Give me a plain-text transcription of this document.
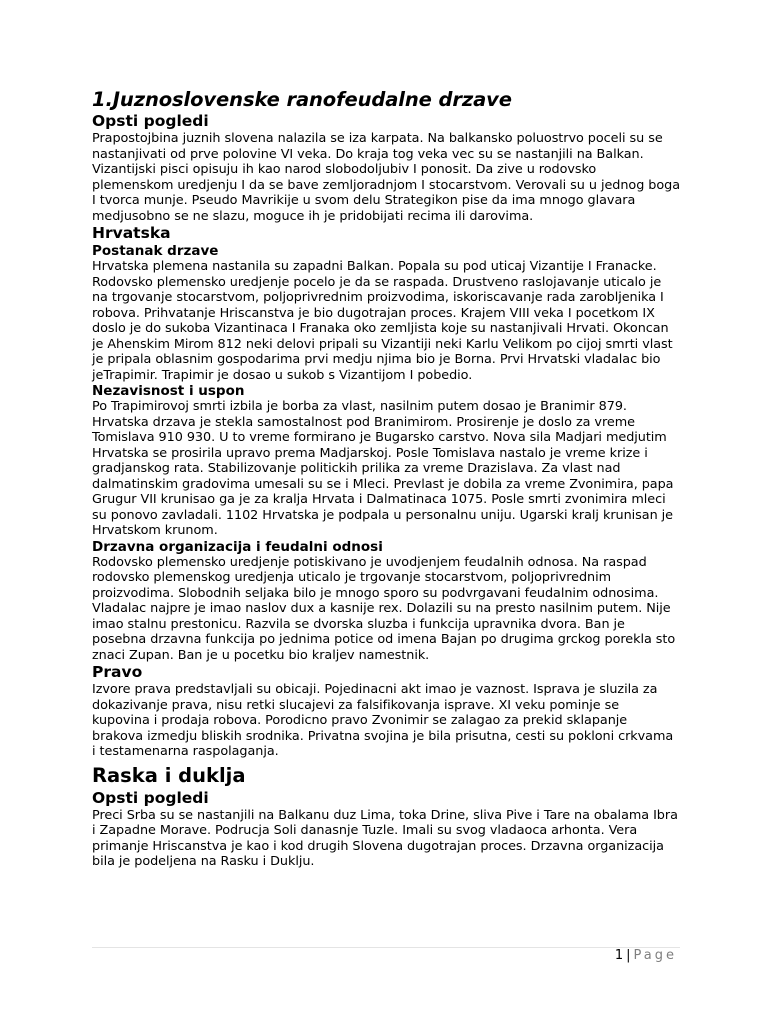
1.Juznoslovenske ranofeudalne drzave
Opsti pogledi

Prapostojbina juznih slovena nalazila se iza karpata. Na balkansko poluostrvo poceli su se nastanjivati od prve polovine VI veka. Do kraja tog veka vec su se nastanjili na Balkan. Vizantijski pisci opisuju ih kao narod slobodoljubiv I ponosit. Da zive u rodovsko plemenskom uredjenju I da se bave zemljoradnjom I stocarstvom. Verovali su u jednog boga I tvorca munje. Pseudo Mavrikije u svom delu Strategikon pise da ima mnogo glavara medjusobno se ne slazu, moguce ih je pridobijati recima ili darovima.

Hrvatska
Postanak drzave

Hrvatska plemena nastanila su zapadni Balkan. Popala su pod uticaj Vizantije I Franacke. Rodovsko plemensko uredjenje pocelo je da se raspada. Drustveno raslojavanje uticalo je na trgovanje stocarstvom, poljoprivrednim proizvodima, iskoriscavanje rada zarobljenika I robova. Prihvatanje Hriscanstva je bio dugotrajan proces. Krajem VIII veka I pocetkom IX doslo je do sukoba Vizantinaca I Franaka oko zemljista koje su nastanjivali Hrvati. Okoncan je Ahenskim Mirom 812 neki delovi pripali su Vizantiji neki Karlu Velikom po cijoj smrti vlast je pripala oblasnim gospodarima prvi medju njima bio je Borna. Prvi Hrvatski vladalac bio jeTrapimir. Trapimir je dosao u sukob s Vizantijom I pobedio.

Nezavisnost i uspon

Po Trapimirovoj smrti izbila je borba za vlast, nasilnim putem dosao je Branimir 879. Hrvatska drzava je stekla samostalnost pod Branimirom. Prosirenje je doslo za vreme Tomislava 910 930. U to vreme formirano je Bugarsko carstvo. Nova sila Madjari medjutim Hrvatska se prosirila upravo prema Madjarskoj. Posle Tomislava nastalo je vreme krize i gradjanskog rata. Stabilizovanje politickih prilika za vreme Drazislava. Za vlast nad dalmatinskim gradovima umesali su se i Mleci. Prevlast je dobila za vreme Zvonimira, papa Grugur VII krunisao ga je za kralja Hrvata i Dalmatinaca 1075. Posle smrti zvonimira mleci su ponovo zavladali. 1102 Hrvatska je podpala u personalnu uniju. Ugarski kralj krunisan je Hrvatskom krunom.

Drzavna organizacija i feudalni odnosi

Rodovsko plemensko uredjenje potiskivano je uvodjenjem feudalnih odnosa. Na raspad rodovsko plemenskog uredjenja uticalo je trgovanje stocarstvom, poljoprivrednim proizvodima. Slobodnih seljaka bilo je mnogo sporo su podvrgavani feudalnim odnosima. Vladalac najpre je imao naslov dux a kasnije rex. Dolazili su na presto nasilnim putem. Nije imao stalnu prestonicu. Razvila se dvorska sluzba i funkcija upravnika dvora. Ban je posebna drzavna funkcija po jednima potice od imena Bajan po drugima grckog porekla sto znaci Zupan. Ban je u pocetku bio kraljev namestnik.

Pravo

Izvore prava predstavljali su obicaji. Pojedinacni akt imao je vaznost. Isprava je sluzila za dokazivanje prava, nisu retki slucajevi za falsifikovanja isprave. XI veku pominje se kupovina i prodaja robova. Porodicno pravo Zvonimir se zalagao za prekid sklapanje brakova izmedju bliskih srodnika. Privatna svojina je bila prisutna, cesti su pokloni crkvama i testamenarna raspolaganja.

Raska i duklja
Opsti pogledi

Preci Srba su se nastanjili na Balkanu duz Lima, toka Drine, sliva Pive i Tare na obalama Ibra i Zapadne Morave. Podrucja Soli danasnje Tuzle. Imali su svog vladaoca arhonta. Vera primanje Hriscanstva je kao i kod drugih Slovena dugotrajan proces. Drzavna organizacija bila je podeljena na Rasku i Duklju.

1 | Page
